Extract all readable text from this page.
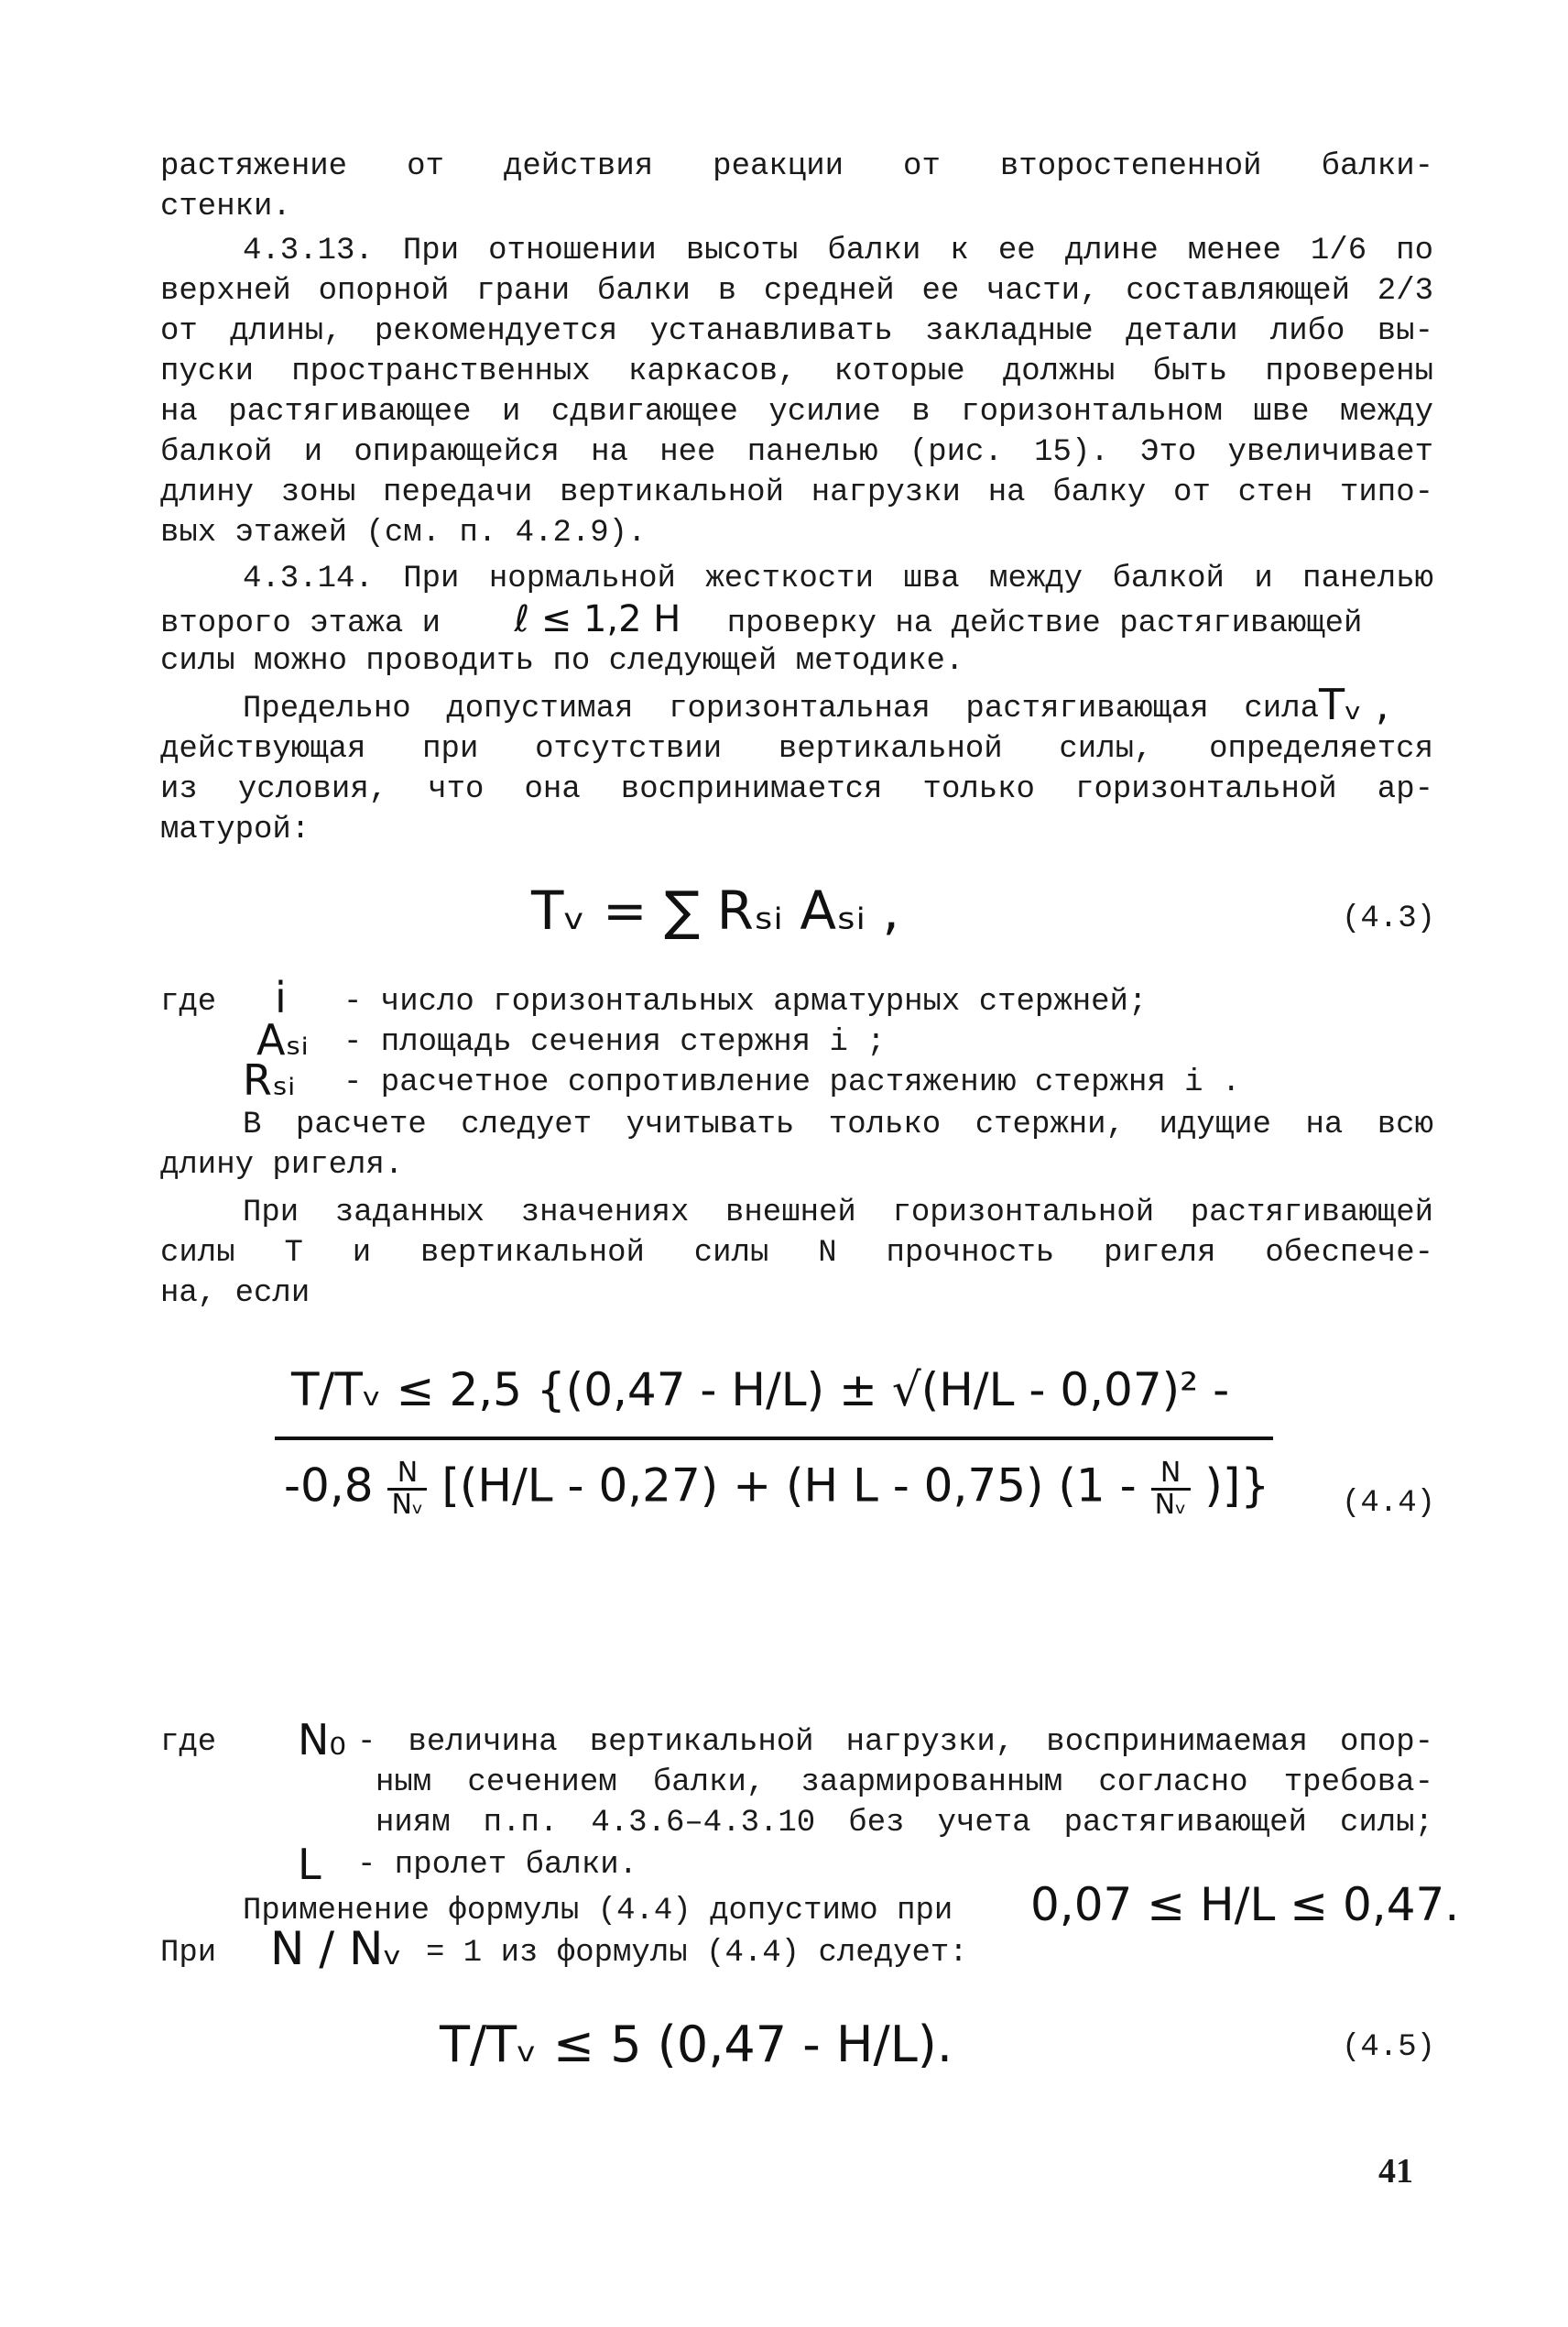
растяжение от действия реакции от второстепенной балки-
стенки.
4.3.13. При отношении высоты балки к ее длине менее 1/6 по
верхней опорной грани балки в средней ее части, составляющей 2/3
от длины, рекомендуется устанавливать закладные детали либо вы-
пуски пространственных каркасов, которые должны быть проверены
на растягивающее и сдвигающее усилие в горизонтальном шве между
балкой и опирающейся на нее панелью (рис. 15). Это увеличивает
длину зоны передачи вертикальной нагрузки на балку от стен типо-
вых этажей (см. п. 4.2.9).
4.3.14. При нормальной жесткости шва между балкой и панелью
второго этажа и ℓ ≤ 1,2 H проверку на действие растягивающей
силы можно проводить по следующей методике.
Предельно допустимая горизонтальная растягивающая сила Tᵥ ,
действующая при отсутствии вертикальной силы, определяется
из условия, что она воспринимается только горизонтальной ар-
матурой:
Tᵥ = ∑ Rₛᵢ Aₛᵢ ,	(4.3)
где i - число горизонтальных арматурных стержней;
Aₛᵢ - площадь сечения стержня i ;
Rₛᵢ - расчетное сопротивление растяжению стержня i .
В расчете следует учитывать только стержни, идущие на всю
длину ригеля.
При заданных значениях внешней горизонтальной растягивающей
силы Т и вертикальной силы N прочность ригеля обеспече-
на, если
T/Tᵥ ≤ 2,5 {(0,47 - H/L) ± √(H/L - 0,07)² -
$-0,8 \frac{N}{\text{Nᵥ}} [(H/L - 0,27) + (H$ L - 0,75) ($1 - \frac{N}{\text{Nᵥ}}$ )]} (4.4)
где N₀ - величина вертикальной нагрузки, воспринимаемая опор-
ным сечением балки, заармированным согласно требова-
ниям п.п. 4.3.6–4.3.10 без учета растягивающей силы;
L - пролет балки.
Применение формулы (4.4) допустимо при 0,07 ≤ H/L ≤ 0,47.
При N / Nᵥ = 1 из формулы (4.4) следует:
T/Tᵥ ≤ 5 (0,47 - H/L).	(4.5)
41
